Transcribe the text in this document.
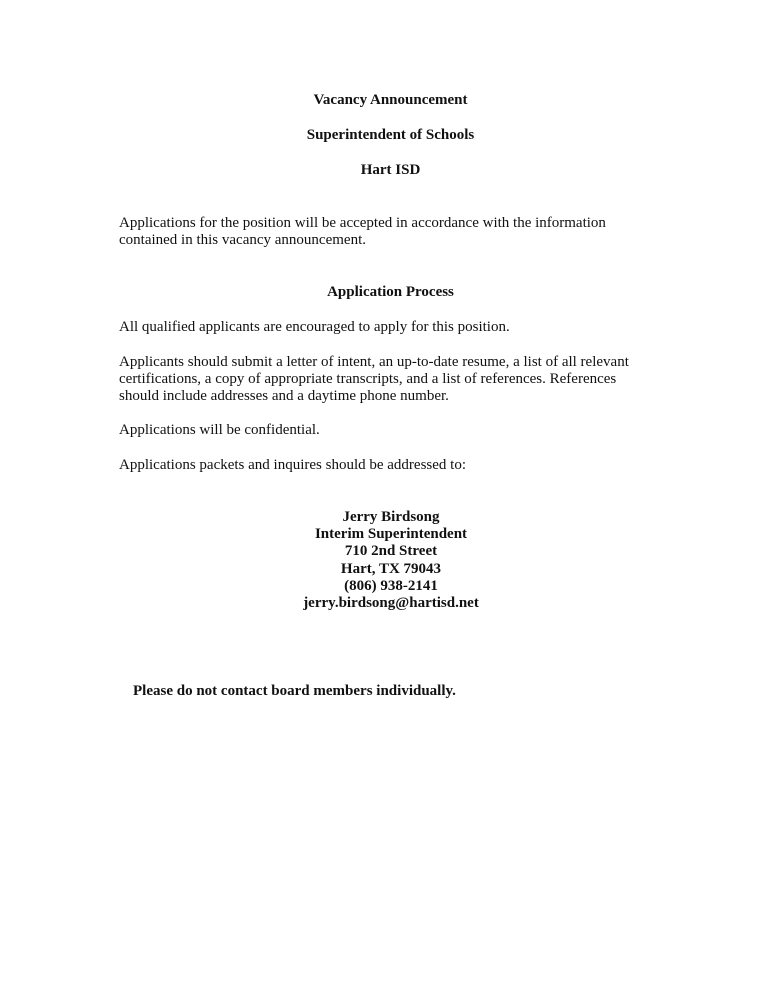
Vacancy Announcement
Superintendent of Schools
Hart ISD
Applications for the position will be accepted in accordance with the information
contained in this vacancy announcement.
Application Process
All qualified applicants are encouraged to apply for this position.
Applicants should submit a letter of intent, an up-to-date resume, a list of all relevant
certifications, a copy of appropriate transcripts, and a list of references. References
should include addresses and a daytime phone number.
Applications will be confidential.
Applications packets and inquires should be addressed to:
Jerry Birdsong
Interim Superintendent
710 2nd Street
Hart, TX 79043
(806) 938-2141
jerry.birdsong@hartisd.net
Please do not contact board members individually.
